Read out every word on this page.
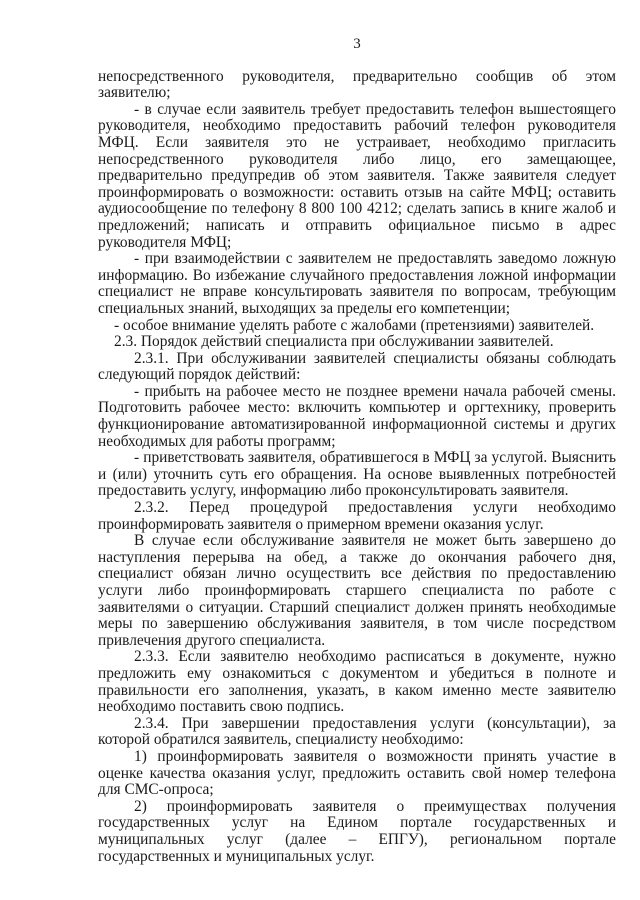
3

непосредственного руководителя, предварительно сообщив об этом заявителю;

- в случае если заявитель требует предоставить телефон вышестоящего руководителя, необходимо предоставить рабочий телефон руководителя МФЦ. Если заявителя это не устраивает, необходимо пригласить непосредственного руководителя либо лицо, его замещающее, предварительно предупредив об этом заявителя. Также заявителя следует проинформировать о возможности: оставить отзыв на сайте МФЦ; оставить аудиосообщение по телефону 8 800 100 4212; сделать запись в книге жалоб и предложений; написать и отправить официальное письмо в адрес руководителя МФЦ;

- при взаимодействии с заявителем не предоставлять заведомо ложную информацию. Во избежание случайного предоставления ложной информации специалист не вправе консультировать заявителя по вопросам, требующим специальных знаний, выходящих за пределы его компетенции;

- особое внимание уделять работе с жалобами (претензиями) заявителей.

2.3. Порядок действий специалиста при обслуживании заявителей.

2.3.1. При обслуживании заявителей специалисты обязаны соблюдать следующий порядок действий:

- прибыть на рабочее место не позднее времени начала рабочей смены. Подготовить рабочее место: включить компьютер и оргтехнику, проверить функционирование автоматизированной информационной системы и других необходимых для работы программ;

- приветствовать заявителя, обратившегося в МФЦ за услугой. Выяснить и (или) уточнить суть его обращения. На основе выявленных потребностей предоставить услугу, информацию либо проконсультировать заявителя.

2.3.2. Перед процедурой предоставления услуги необходимо проинформировать заявителя о примерном времени оказания услуг.

В случае если обслуживание заявителя не может быть завершено до наступления перерыва на обед, а также до окончания рабочего дня, специалист обязан лично осуществить все действия по предоставлению услуги либо проинформировать старшего специалиста по работе с заявителями о ситуации. Старший специалист должен принять необходимые меры по завершению обслуживания заявителя, в том числе посредством привлечения другого специалиста.

2.3.3. Если заявителю необходимо расписаться в документе, нужно предложить ему ознакомиться с документом и убедиться в полноте и правильности его заполнения, указать, в каком именно месте заявителю необходимо поставить свою подпись.

2.3.4. При завершении предоставления услуги (консультации), за которой обратился заявитель, специалисту необходимо:

1) проинформировать заявителя о возможности принять участие в оценке качества оказания услуг, предложить оставить свой номер телефона для СМС-опроса;

2) проинформировать заявителя о преимуществах получения государственных услуг на Едином портале государственных и муниципальных услуг (далее – ЕПГУ), региональном портале государственных и муниципальных услуг.
